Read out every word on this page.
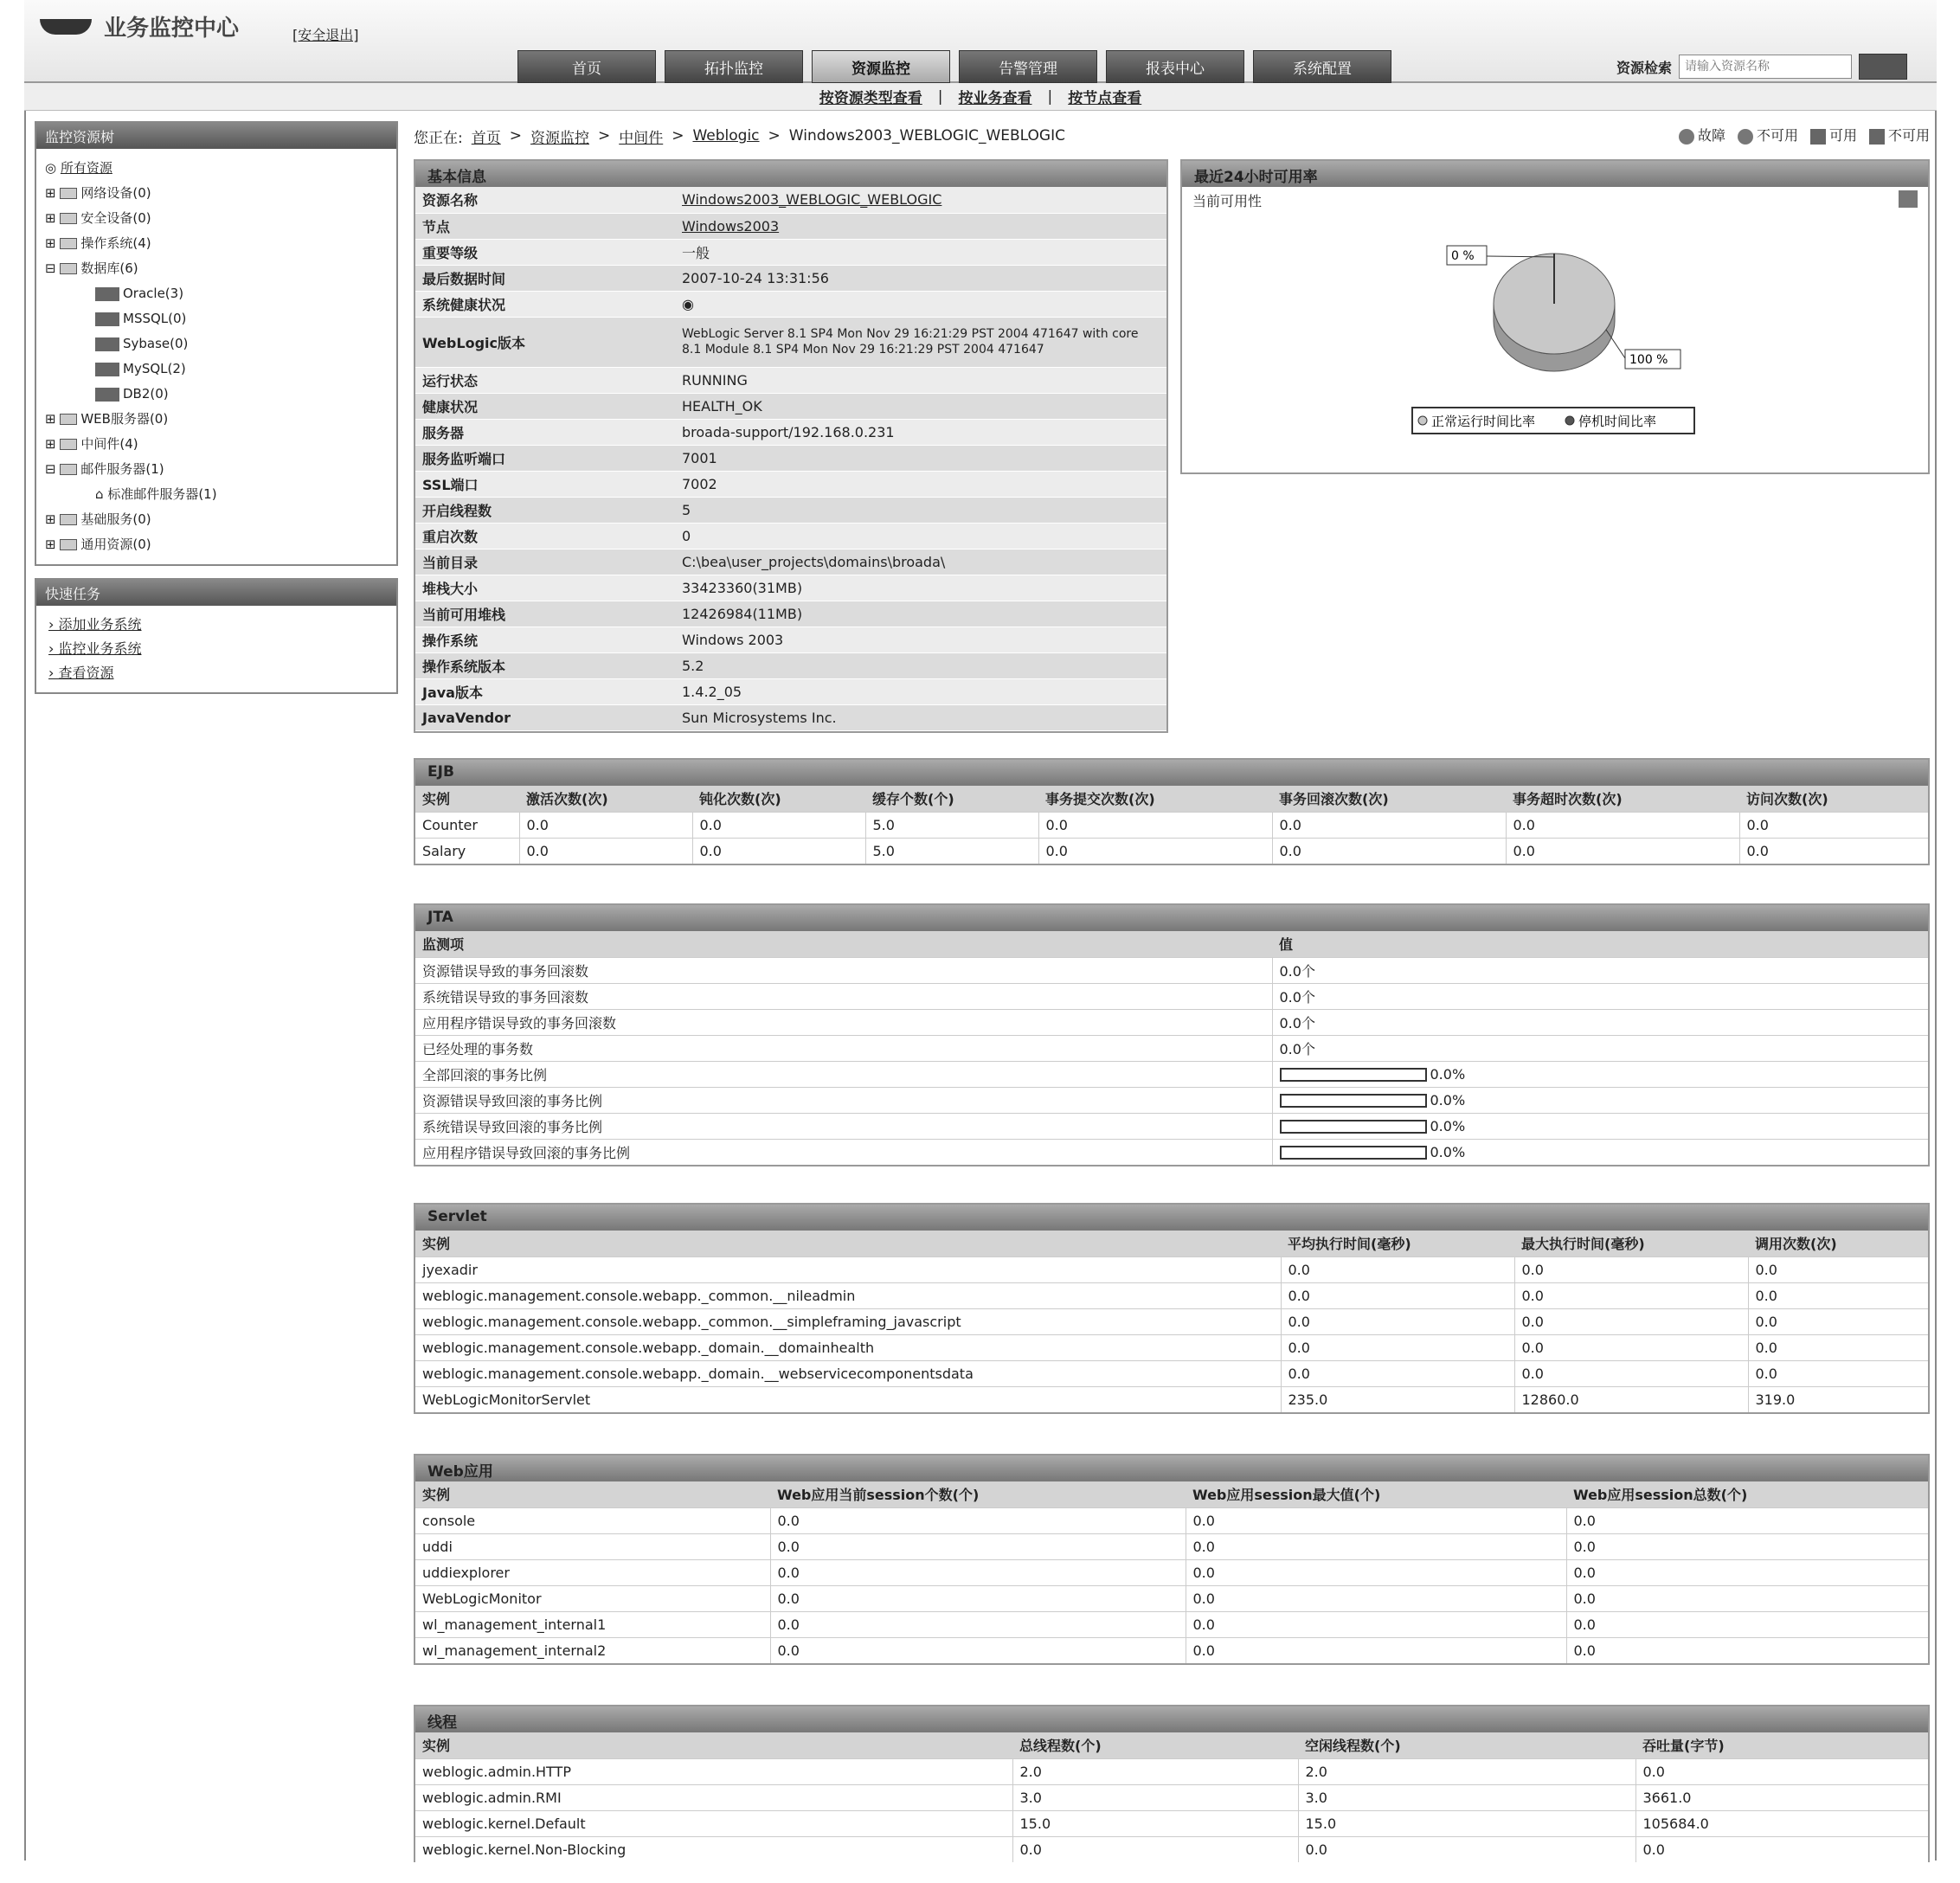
业务监控中心	[安全退出]
首页	拓扑监控	资源监控	告警管理	报表中心	系统配置	资源检索
请输入资源名称
按资源类型查看 | 按业务查看 | 按节点查看
监控资源树
◎ 所有资源
⊞ 网络设备(0)
⊞ 安全设备(0)
⊞ 操作系统(4)
⊟ 数据库(6)
Oracle(3)
MSSQL(0)
Sybase(0)
MySQL(2)
DB2(0)
⊞ WEB服务器(0)
⊞ 中间件(4)
⊟ 邮件服务器(1)
⌂ 标准邮件服务器(1)
⊞ 基础服务(0)
⊞ 通用资源(0)
快速任务
› 添加业务系统
› 监控业务系统
› 查看资源
您正在: 首页 > 资源监控 > 中间件 > Weblogic > Windows2003_WEBLOGIC_WEBLOGIC	故障	不可用	可用	不可用
基本信息
资源名称	Windows2003_WEBLOGIC_WEBLOGIC
节点	Windows2003
重要等级	一般
最后数据时间	2007-10-24 13:31:56
系统健康状况	◉
WebLogic版本	WebLogic Server 8.1 SP4 Mon Nov 29 16:21:29 PST 2004 471647 with core 8.1 Module 8.1 SP4 Mon Nov 29 16:21:29 PST 2004 471647
运行状态	RUNNING
健康状况	HEALTH_OK
服务器	broada-support/192.168.0.231
服务监听端口	7001
SSL端口	7002
开启线程数	5
重启次数	0
当前目录	C:\bea\user_projects\domains\broada\
堆栈大小	33423360(31MB)
当前可用堆栈	12426984(11MB)
操作系统	Windows 2003
操作系统版本	5.2
Java版本	1.4.2_05
JavaVendor	Sun Microsystems Inc.
最近24小时可用率
当前可用性
0 %
100 %
正常运行时间比率	停机时间比率
EJB
实例	激活次数(次)	钝化次数(次)	缓存个数(个)	事务提交次数(次)	事务回滚次数(次)	事务超时次数(次)	访问次数(次)
Counter	0.0	0.0	5.0	0.0	0.0	0.0	0.0
Salary	0.0	0.0	5.0	0.0	0.0	0.0	0.0
JTA
监测项	值
资源错误导致的事务回滚数	0.0个
系统错误导致的事务回滚数	0.0个
应用程序错误导致的事务回滚数	0.0个
已经处理的事务数	0.0个
全部回滚的事务比例	0.0%
资源错误导致回滚的事务比例	0.0%
系统错误导致回滚的事务比例	0.0%
应用程序错误导致回滚的事务比例	0.0%
Servlet
实例	平均执行时间(毫秒)	最大执行时间(毫秒)	调用次数(次)
jyexadir	0.0	0.0	0.0
weblogic.management.console.webapp._common.__nileadmin	0.0	0.0	0.0
weblogic.management.console.webapp._common.__simpleframing_javascript	0.0	0.0	0.0
weblogic.management.console.webapp._domain.__domainhealth	0.0	0.0	0.0
weblogic.management.console.webapp._domain.__webservicecomponentsdata	0.0	0.0	0.0
WebLogicMonitorServlet	235.0	12860.0	319.0
Web应用
实例	Web应用当前session个数(个)	Web应用session最大值(个)	Web应用session总数(个)
console	0.0	0.0	0.0
uddi	0.0	0.0	0.0
uddiexplorer	0.0	0.0	0.0
WebLogicMonitor	0.0	0.0	0.0
wl_management_internal1	0.0	0.0	0.0
wl_management_internal2	0.0	0.0	0.0
线程
实例	总线程数(个)	空闲线程数(个)	吞吐量(字节)
weblogic.admin.HTTP	2.0	2.0	0.0
weblogic.admin.RMI	3.0	3.0	3661.0
weblogic.kernel.Default	15.0	15.0	105684.0
weblogic.kernel.Non-Blocking	0.0	0.0	0.0
